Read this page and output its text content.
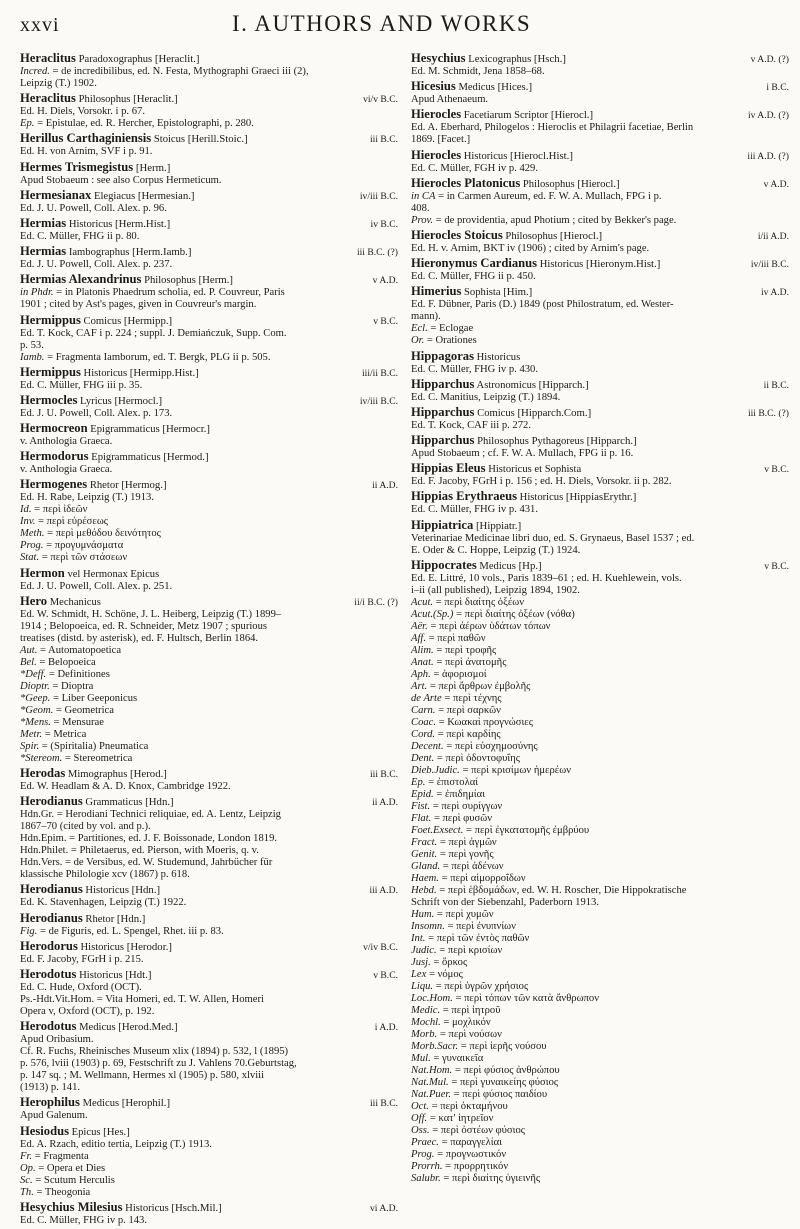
xxvi	I. AUTHORS AND WORKS
Heraclitus Paradoxographus [Heraclit.]
Incred. = de incredibilibus, ed. N. Festa, Mythographi Graeci iii (2),
Leipzig (T.) 1902.
Heraclitus Philosophus [Heraclit.]	vi/v B.C.
Ed. H. Diels, Vorsokr. i p. 67.
Ep. = Epistulae, ed. R. Hercher, Epistolographi, p. 280.
Herillus Carthaginiensis Stoicus [Herill.Stoic.]	iii B.C.
Ed. H. von Arnim, SVF i p. 91.
Hermes Trismegistus [Herm.]
Apud Stobaeum : see also Corpus Hermeticum.
Hermesianax Elegiacus [Hermesian.]	iv/iii B.C.
Ed. J. U. Powell, Coll. Alex. p. 96.
Hermias Historicus [Herm.Hist.]	iv B.C.
Ed. C. Müller, FHG ii p. 80.
Hermias Iambographus [Herm.Iamb.]	iii B.C. (?)
Ed. J. U. Powell, Coll. Alex. p. 237.
Hermias Alexandrinus Philosophus [Herm.]	v A.D.
in Phdr. = in Platonis Phaedrum scholia, ed. P. Couvreur, Paris
1901 ; cited by Ast's pages, given in Couvreur's margin.
Hermippus Comicus [Hermipp.]	v B.C.
Ed. T. Kock, CAF i p. 224 ; suppl. J. Demiańczuk, Supp. Com.
p. 53.
Iamb. = Fragmenta Iamborum, ed. T. Bergk, PLG ii p. 505.
Hermippus Historicus [Hermipp.Hist.]	iii/ii B.C.
Ed. C. Müller, FHG iii p. 35.
Hermocles Lyricus [Hermocl.]	iv/iii B.C.
Ed. J. U. Powell, Coll. Alex. p. 173.
Hermocreon Epigrammaticus [Hermocr.]
v. Anthologia Graeca.
Hermodorus Epigrammaticus [Hermod.]
v. Anthologia Graeca.
Hermogenes Rhetor [Hermog.]	ii A.D.
Ed. H. Rabe, Leipzig (T.) 1913.
Id. = περὶ ἰδεῶν
Inv. = περὶ εὑρέσεως
Meth. = περὶ μεθόδου δεινότητος
Prog. = προγυμνάσματα
Stat. = περὶ τῶν στάσεων
Hermon vel Hermonax Epicus
Ed. J. U. Powell, Coll. Alex. p. 251.
Hero Mechanicus	ii/i B.C. (?)
Ed. W. Schmidt, H. Schöne, J. L. Heiberg, Leipzig (T.) 1899–
1914 ; Belopoeica, ed. R. Schneider, Metz 1907 ; spurious
treatises (distd. by asterisk), ed. F. Hultsch, Berlin 1864.
Aut. = Automatopoetica
Bel. = Belopoeica
*Deff. = Definitiones
Dioptr. = Dioptra
*Geep. = Liber Geeponicus
*Geom. = Geometrica
*Mens. = Mensurae
Metr. = Metrica
Spir. = (Spiritalia) Pneumatica
*Stereom. = Stereometrica
Herodas Mimographus [Herod.]	iii B.C.
Ed. W. Headlam & A. D. Knox, Cambridge 1922.
Herodianus Grammaticus [Hdn.]	ii A.D.
Hdn.Gr. = Herodiani Technici reliquiae, ed. A. Lentz, Leipzig
1867–70 (cited by vol. and p.).
Hdn.Epim. = Partitiones, ed. J. F. Boissonade, London 1819.
Hdn.Philet. = Philetaerus, ed. Pierson, with Moeris, q. v.
Hdn.Vers. = de Versibus, ed. W. Studemund, Jahrbücher für
klassische Philologie xcv (1867) p. 618.
Herodianus Historicus [Hdn.]	iii A.D.
Ed. K. Stavenhagen, Leipzig (T.) 1922.
Herodianus Rhetor [Hdn.]
Fig. = de Figuris, ed. L. Spengel, Rhet. iii p. 83.
Herodorus Historicus [Herodor.]	v/iv B.C.
Ed. F. Jacoby, FGrH i p. 215.
Herodotus Historicus [Hdt.]	v B.C.
Ed. C. Hude, Oxford (OCT).
Ps.-Hdt.Vit.Hom. = Vita Homeri, ed. T. W. Allen, Homeri
Opera v, Oxford (OCT), p. 192.
Herodotus Medicus [Herod.Med.]	i A.D.
Apud Oribasium.
Cf. R. Fuchs, Rheinisches Museum xlix (1894) p. 532, l (1895)
p. 576, lviii (1903) p. 69, Festschrift zu J. Vahlens 70.Geburtstag,
p. 147 sq. ; M. Wellmann, Hermes xl (1905) p. 580, xlviii
(1913) p. 141.
Herophilus Medicus [Herophil.]	iii B.C.
Apud Galenum.
Hesiodus Epicus [Hes.]
Ed. A. Rzach, editio tertia, Leipzig (T.) 1913.
Fr. = Fragmenta
Op. = Opera et Dies
Sc. = Scutum Herculis
Th. = Theogonia
Hesychius Milesius Historicus [Hsch.Mil.]	vi A.D.
Ed. C. Müller, FHG iv p. 143.
Hesychius Lexicographus [Hsch.]	v A.D. (?)
Ed. M. Schmidt, Jena 1858–68.
Hicesius Medicus [Hices.]	i B.C.
Apud Athenaeum.
Hierocles Facetiarum Scriptor [Hierocl.]	iv A.D. (?)
Ed. A. Eberhard, Philogelos : Hieroclis et Philagrii facetiae, Berlin
1869. [Facet.]
Hierocles Historicus [Hierocl.Hist.]	iii A.D. (?)
Ed. C. Müller, FGH iv p. 429.
Hierocles Platonicus Philosophus [Hierocl.]	v A.D.
in CA = in Carmen Aureum, ed. F. W. A. Mullach, FPG i p.
408.
Prov. = de providentia, apud Photium ; cited by Bekker's page.
Hierocles Stoicus Philosophus [Hierocl.]	i/ii A.D.
Ed. H. v. Arnim, BKT iv (1906) ; cited by Arnim's page.
Hieronymus Cardianus Historicus [Hieronym.Hist.]	iv/iii B.C.
Ed. C. Müller, FHG ii p. 450.
Himerius Sophista [Him.]	iv A.D.
Ed. F. Dübner, Paris (D.) 1849 (post Philostratum, ed. Wester-
mann).
Ecl. = Eclogae
Or. = Orationes
Hippagoras Historicus
Ed. C. Müller, FHG iv p. 430.
Hipparchus Astronomicus [Hipparch.]	ii B.C.
Ed. C. Manitius, Leipzig (T.) 1894.
Hipparchus Comicus [Hipparch.Com.]	iii B.C. (?)
Ed. T. Kock, CAF iii p. 272.
Hipparchus Philosophus Pythagoreus [Hipparch.]
Apud Stobaeum ; cf. F. W. A. Mullach, FPG ii p. 16.
Hippias Eleus Historicus et Sophista	v B.C.
Ed. F. Jacoby, FGrH i p. 156 ; ed. H. Diels, Vorsokr. ii p. 282.
Hippias Erythraeus Historicus [HippiasErythr.]
Ed. C. Müller, FHG iv p. 431.
Hippiatrica [Hippiatr.]
Veterinariae Medicinae libri duo, ed. S. Grynaeus, Basel 1537 ; ed.
E. Oder & C. Hoppe, Leipzig (T.) 1924.
Hippocrates Medicus [Hp.]	v B.C.
Ed. E. Littré, 10 vols., Paris 1839–61 ; ed. H. Kuehlewein, vols.
i–ii (all published), Leipzig 1894, 1902.
Acut. = περὶ διαίτης ὀξέων
Acut.(Sp.) = περὶ διαίτης ὀξέων (νόθα)
Aër. = περὶ ἀέρων ὑδάτων τόπων
Aff. = περὶ παθῶν
Alim. = περὶ τροφῆς
Anat. = περὶ ἀνατομῆς
Aph. = ἀφορισμοί
Art. = περὶ ἄρθρων ἐμβολῆς
de Arte = περὶ τέχνης
Carn. = περὶ σαρκῶν
Coac. = Κωακαὶ προγνώσιες
Cord. = περὶ καρδίης
Decent. = περὶ εὐσχημοσύνης
Dent. = περὶ ὀδοντοφυΐης
Dieb.Judic. = περὶ κρισίμων ἡμερέων
Ep. = ἐπιστολαί
Epid. = ἐπιδημίαι
Fist. = περὶ συρίγγων
Flat. = περὶ φυσῶν
Foet.Exsect. = περὶ ἐγκατατομῆς ἐμβρύου
Fract. = περὶ ἀγμῶν
Genit. = περὶ γονῆς
Gland. = περὶ ἀδένων
Haem. = περὶ αἱμορροΐδων
Hebd. = περὶ ἑβδομάδων, ed. W. H. Roscher, Die Hippokratische
Schrift von der Siebenzahl, Paderborn 1913.
Hum. = περὶ χυμῶν
Insomn. = περὶ ἐνυπνίων
Int. = περὶ τῶν ἐντὸς παθῶν
Judic. = περὶ κρισίων
Jusj. = ὅρκος
Lex = νόμος
Liqu. = περὶ ὑγρῶν χρήσιος
Loc.Hom. = περὶ τόπων τῶν κατὰ ἄνθρωπον
Medic. = περὶ ἰητροῦ
Mochl. = μοχλικόν
Morb. = περὶ νούσων
Morb.Sacr. = περὶ ἱερῆς νούσου
Mul. = γυναικεῖα
Nat.Hom. = περὶ φύσιος ἀνθρώπου
Nat.Mul. = περὶ γυναικείης φύσιος
Nat.Puer. = περὶ φύσιος παιδίου
Oct. = περὶ ὀκταμήνου
Off. = κατ' ἰητρεῖον
Oss. = περὶ ὀστέων φύσιος
Praec. = παραγγελίαι
Prog. = προγνωστικόν
Prorrh. = προρρητικόν
Salubr. = περὶ διαίτης ὑγιεινῆς
